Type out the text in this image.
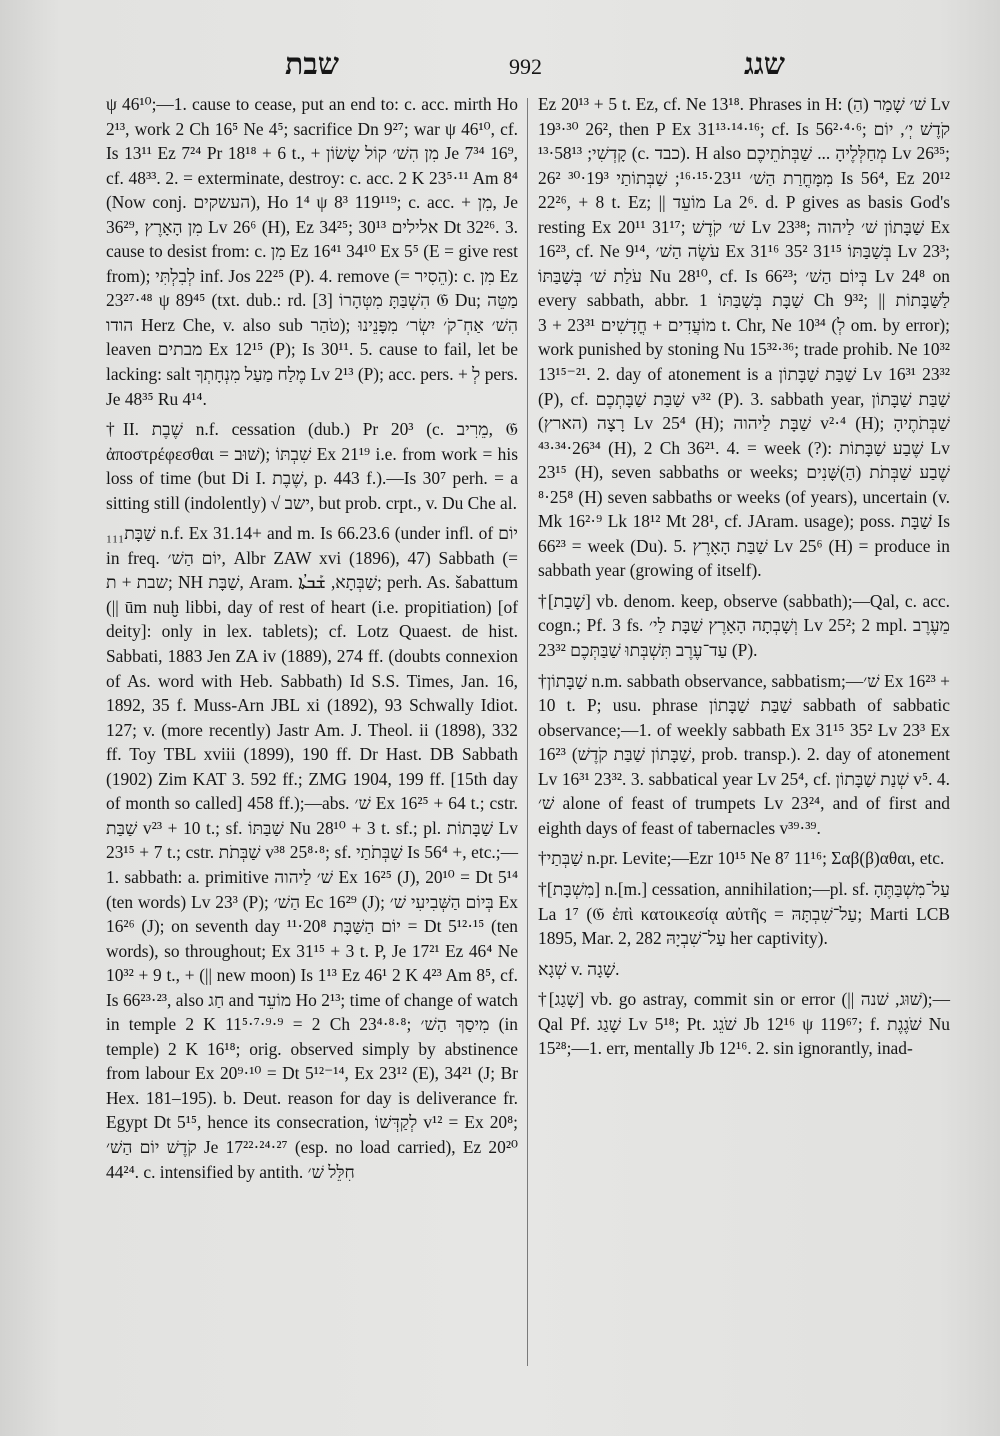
שבת	992	שגג

ψ 46¹⁰;—1. cause to cease, put an end to: c. acc. mirth Ho 2¹³, work 2 Ch 16⁵ Ne 4⁵; sacrifice Dn 9²⁷; war ψ 46¹⁰, cf. Is 13¹¹ Ez 7²⁴ Pr 18¹⁸ + 6 t., + מִן הִשׁ׳ קוֹל שָׂשׂוֹן Je 7³⁴ 16⁹, cf. 48³³. 2. = exterminate, destroy: c. acc. 2 K 23⁵·¹¹ Am 8⁴ (Now conj. העשקים), Ho 1⁴ ψ 8³ 119¹¹⁹; c. acc. + מִן, Je 36²⁹, מִן הָאָרֶץ Lv 26⁶ (H), Ez 34²⁵; אלילים 30¹³ Dt 32²⁶. 3. cause to desist from: c. מִן Ez 16⁴¹ 34¹⁰ Ex 5⁵ (E = give rest from); לְבִלְתִּי inf. Jos 22²⁵ (P). 4. remove (= הֵסִיר): c. מִן Ez 23²⁷·⁴⁸ ψ 89⁴⁵ (txt. dub.: rd. הִשְׁבַּתָּ מִטְּהָרוֹ [3] 𝔊 Du; מַטֵּה הודו Herz Che, v. also sub טֹהַר); הִשׁ׳ אַחְ־קֹ׳ יִשְׂר׳ מִפָּנֵינוּ leaven מבתים Ex 12¹⁵ (P); Is 30¹¹. 5. cause to fail, let be lacking: salt מֶלַח מַעַל מִנְחָתְךָ Lv 2¹³ (P); acc. pers. + לְ pers. Je 48³⁵ Ru 4¹⁴.

†II. שֶׁבֶת n.f. cessation (dub.) Pr 20³ (c. מֵרִיב, 𝔊 ἀποστρέφεσθαι = שׁוּב); שִׁבְתּוֹ Ex 21¹⁹ i.e. from work = his loss of time (but Di I. שֶׁבֶת, p. 443 f.).—Is 30⁷ perh. = a sitting still (indolently) √ ישב, but prob. crpt., v. Du Che al.

שַׁבָּת₁₁₁ n.f. Ex 31.14+ and m. Is 66.23.6 (under infl. of יוֹם in freq. יוֹם הַשׁ׳, Albr ZAW xvi (1896), 47) Sabbath (= שבת + ת; NH שַׁבָּת, Aram. שַׁבְּתָא, ܫܰܒܬܳܐ; perh. As. šabattum (|| ūm nuḫ libbi, day of rest of heart (i.e. propitiation) [of deity]: only in lex. tablets); cf. Lotz Quaest. de hist. Sabbati, 1883 Jen ZA iv (1889), 274 ff. (doubts connexion of As. word with Heb. Sabbath) Id S.S. Times, Jan. 16, 1892, 35 f. Muss-Arn JBL xi (1892), 93 Schwally Idiot. 127; v. (more recently) Jastr Am. J. Theol. ii (1898), 332 ff. Toy TBL xviii (1899), 190 ff. Dr Hast. DB Sabbath (1902) Zim KAT 3. 592 ff.; ZMG 1904, 199 ff. [15th day of month so called] 458 ff.);—abs. שׁ׳ Ex 16²⁵ + 64 t.; cstr. שַׁבַּת v²³ + 10 t.; sf. שַׁבַּתּוֹ Nu 28¹⁰ + 3 t. sf.; pl. שַׁבָּתוֹת Lv 23¹⁵ + 7 t.; cstr. שַׁבְּתֹת v³⁸ 25⁸·⁸; sf. שַׁבְּתֹתַי Is 56⁴ +, etc.;—1. sabbath: a. primitive שׁ׳ לַיהוה Ex 16²⁵ (J), 20¹⁰ = Dt 5¹⁴ (ten words) Lv 23³ (P); הַשׁ׳ Ec 16²⁹ (J); בְּיוֹם הַשְּׁבִיעִי שׁ׳ Ex 16²⁶ (J); on seventh day יוֹם הַשַּׁבָּת 20⁸·¹¹ = Dt 5¹²·¹⁵ (ten words), so throughout; Ex 31¹⁵ + 3 t. P, Je 17²¹ Ez 46⁴ Ne 10³² + 9 t., + (|| new moon) Is 1¹³ Ez 46¹ 2 K 4²³ Am 8⁵, cf. Is 66²³·²³, also חַג and מוֹעֵד Ho 2¹³; time of change of watch in temple 2 K 11⁵·⁷·⁹·⁹ = 2 Ch 23⁴·⁸·⁸; מִיסַךְ הַשׁ׳ (in temple) 2 K 16¹⁸; orig. observed simply by abstinence from labour Ex 20⁹·¹⁰ = Dt 5¹²⁻¹⁴, Ex 23¹² (E), 34²¹ (J; Br Hex. 181–195). b. Deut. reason for day is deliverance fr. Egypt Dt 5¹⁵, hence its consecration, לְקַדְּשׁוֹ v¹² = Ex 20⁸; קֹדֶשׁ יוֹם הַשׁ׳ Je 17²²·²⁴·²⁷ (esp. no load carried), Ez 20²⁰ 44²⁴. c. intensified by antith. חִלֵּל שׁ׳

Ez 20¹³ + 5 t. Ez, cf. Ne 13¹⁸. Phrases in H: שׁ׳ שָׁמַר (הַ) Lv 19³·³⁰ 26², then P Ex 31¹³·¹⁴·¹⁶; cf. Is 56²·⁴·⁶; קֹדֶשׁ יְ׳, יוֹם קָדְשִׁי; 58¹³·¹³ (c. כבד). H also מְחַלְּלֶיהָ ... שַׁבְּתֹתֵיכֶם Lv 26³⁵; מִמָּחֳרַת הַשׁ׳ 23¹¹·¹⁵·¹⁶; שַׁבְּתוֹתַי 19³·³⁰ 26² Is 56⁴, Ez 20¹² 22²⁶, + 8 t. Ez; || מוֹעֵד La 2⁶. d. P gives as basis God's resting Ex 20¹¹ 31¹⁷; שׁ׳ קֹדֶשׁ Lv 23³⁸; שַׁבָּתוֹן שׁ׳ לַיהוה Ex 16²³, cf. Ne 9¹⁴, עֹשֶׂה הַשׁ׳ Ex 31¹⁶ בְּשַׁבַּתּוֹ 31¹⁵ 35² Lv 23³; עֹלַת שׁ׳ בְּשַׁבַּתּוֹ Nu 28¹⁰, cf. Is 66²³; בְּיוֹם הַשׁ׳ Lv 24⁸ on every sabbath, abbr. שַׁבָּת בְּשַׁבַּתּוֹ 1 Ch 9³²; לַשַּׁבָּתוֹת || מוֹעֲדִים + חֳדָשִׁים 23³¹ + 3 t. Chr, Ne 10³⁴ (לְ om. by error); work punished by stoning Nu 15³²·³⁶; trade prohib. Ne 10³² 13¹⁵⁻²¹. 2. day of atonement is a שַׁבַּת שַׁבָּתוֹן Lv 16³¹ 23³² (P), cf. שַׁבַּת שַׁבָּתְכֶם v³² (P). 3. sabbath year, שַׁבַּת שַׁבָּתוֹן רָצָה (הארץ) Lv 25⁴ (H); שַׁבָּת לַיהוה v²·⁴ (H); שַׁבְּתֹתֶיהָ 26³⁴·³⁴·⁴³ (H), 2 Ch 36²¹. 4. = week (?): שֶׁבַע שַׁבָּתוֹת Lv 23¹⁵ (H), seven sabbaths or weeks; שֶׁבַע שַׁבְּתֹת (הַ)שָּׁנִים 25⁸·⁸ (H) seven sabbaths or weeks (of years), uncertain (v. Mk 16²·⁹ Lk 18¹² Mt 28¹, cf. JAram. usage); poss. שַׁבָּת Is 66²³ = week (Du). 5. שַׁבַּת הָאָרֶץ Lv 25⁶ (H) = produce in sabbath year (growing of itself).

†[שָׁבַת] vb. denom. keep, observe (sabbath);—Qal, c. acc. cogn.; Pf. 3 fs. וְשָׁבְתָה הָאָרֶץ שַׁבָּת לַי׳ Lv 25²; 2 mpl. מֵעֶרֶב עַד־עֶרֶב תִּשְׁבְּתוּ שַׁבַּתְּכֶם 23³² (P).

†שַׁבָּתוֹן n.m. sabbath observance, sabbatism;—שׁ׳ Ex 16²³ + 10 t. P; usu. phrase שַׁבַּת שַׁבָּתוֹן sabbath of sabbatic observance;—1. of weekly sabbath Ex 31¹⁵ 35² Lv 23³ Ex 16²³ (שַׁבָּתוֹן שַׁבַּת קֹדֶשׁ, prob. transp.). 2. day of atonement Lv 16³¹ 23³². 3. sabbatical year Lv 25⁴, cf. שְׁנַת שַׁבָּתוֹן v⁵. 4. שׁ׳ alone of feast of trumpets Lv 23²⁴, and of first and eighth days of feast of tabernacles v³⁹·³⁹.

†שַׁבְּתַי n.pr. Levite;—Ezr 10¹⁵ Ne 8⁷ 11¹⁶; Σαβ(β)αθαι, etc.

†[מִשְׁבָּת] n.[m.] cessation, annihilation;—pl. sf. עַל־מִשְׁבַּתֶּהָ La 1⁷ (𝔊 ἐπὶ κατοικεσίᾳ αὐτῆς = עַל־שִׁבְתָּהּ; Marti LCB 1895, Mar. 2, 282 עַל־שִׁבְיָהּ her captivity).

שְׁגָא v. שָׁגָה.

†[שָׁגַג] vb. go astray, commit sin or error (|| שׁוּג, שׁנה);—Qal Pf. שָׁגַג Lv 5¹⁸; Pt. שֹׁגֵג Jb 12¹⁶ ψ 119⁶⁷; f. שֹׁגֶגֶת Nu 15²⁸;—1. err, mentally Jb 12¹⁶. 2. sin ignorantly, inad-
